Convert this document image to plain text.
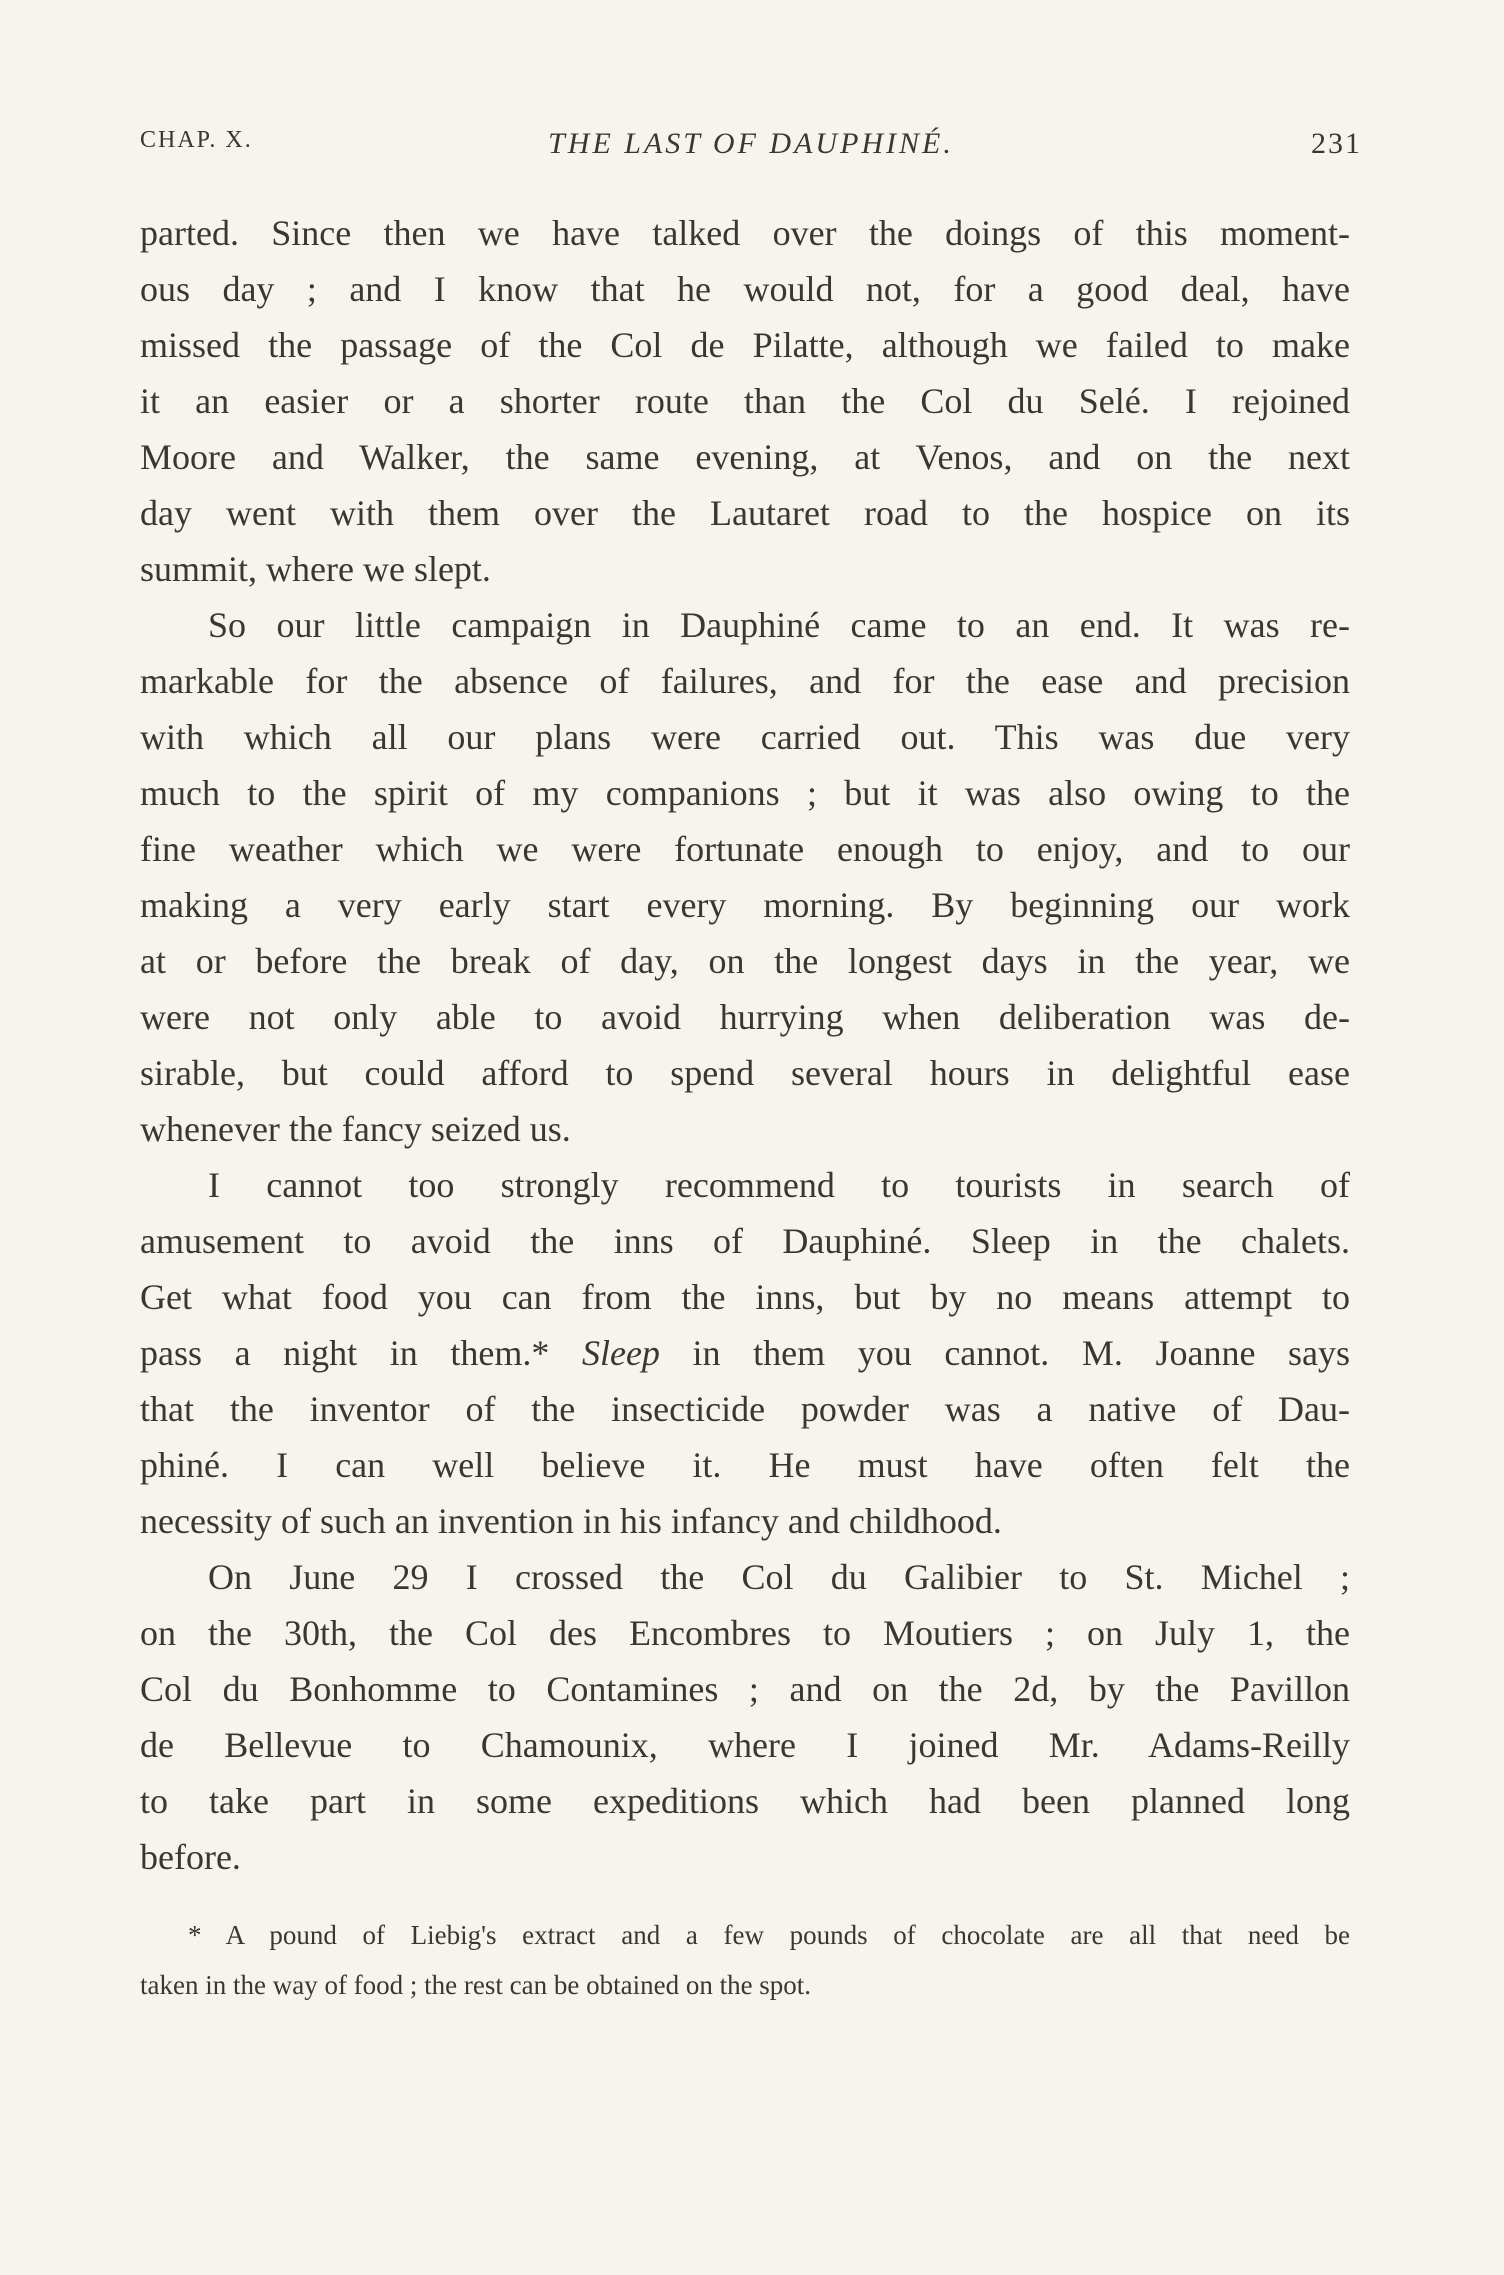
CHAP. X.	THE LAST OF DAUPHINÉ.	231
parted. Since then we have talked over the doings of this moment-
ous day ; and I know that he would not, for a good deal, have
missed the passage of the Col de Pilatte, although we failed to make
it an easier or a shorter route than the Col du Selé. I rejoined
Moore and Walker, the same evening, at Venos, and on the next
day went with them over the Lautaret road to the hospice on its
summit, where we slept.
So our little campaign in Dauphiné came to an end. It was re-
markable for the absence of failures, and for the ease and precision
with which all our plans were carried out. This was due very
much to the spirit of my companions ; but it was also owing to the
fine weather which we were fortunate enough to enjoy, and to our
making a very early start every morning. By beginning our work
at or before the break of day, on the longest days in the year, we
were not only able to avoid hurrying when deliberation was de-
sirable, but could afford to spend several hours in delightful ease
whenever the fancy seized us.
I cannot too strongly recommend to tourists in search of
amusement to avoid the inns of Dauphiné. Sleep in the chalets.
Get what food you can from the inns, but by no means attempt to
pass a night in them.* Sleep in them you cannot. M. Joanne says
that the inventor of the insecticide powder was a native of Dau-
phiné. I can well believe it. He must have often felt the
necessity of such an invention in his infancy and childhood.
On June 29 I crossed the Col du Galibier to St. Michel ;
on the 30th, the Col des Encombres to Moutiers ; on July 1, the
Col du Bonhomme to Contamines ; and on the 2d, by the Pavillon
de Bellevue to Chamounix, where I joined Mr. Adams-Reilly
to take part in some expeditions which had been planned long
before.
* A pound of Liebig's extract and a few pounds of chocolate are all that need be
taken in the way of food ; the rest can be obtained on the spot.
